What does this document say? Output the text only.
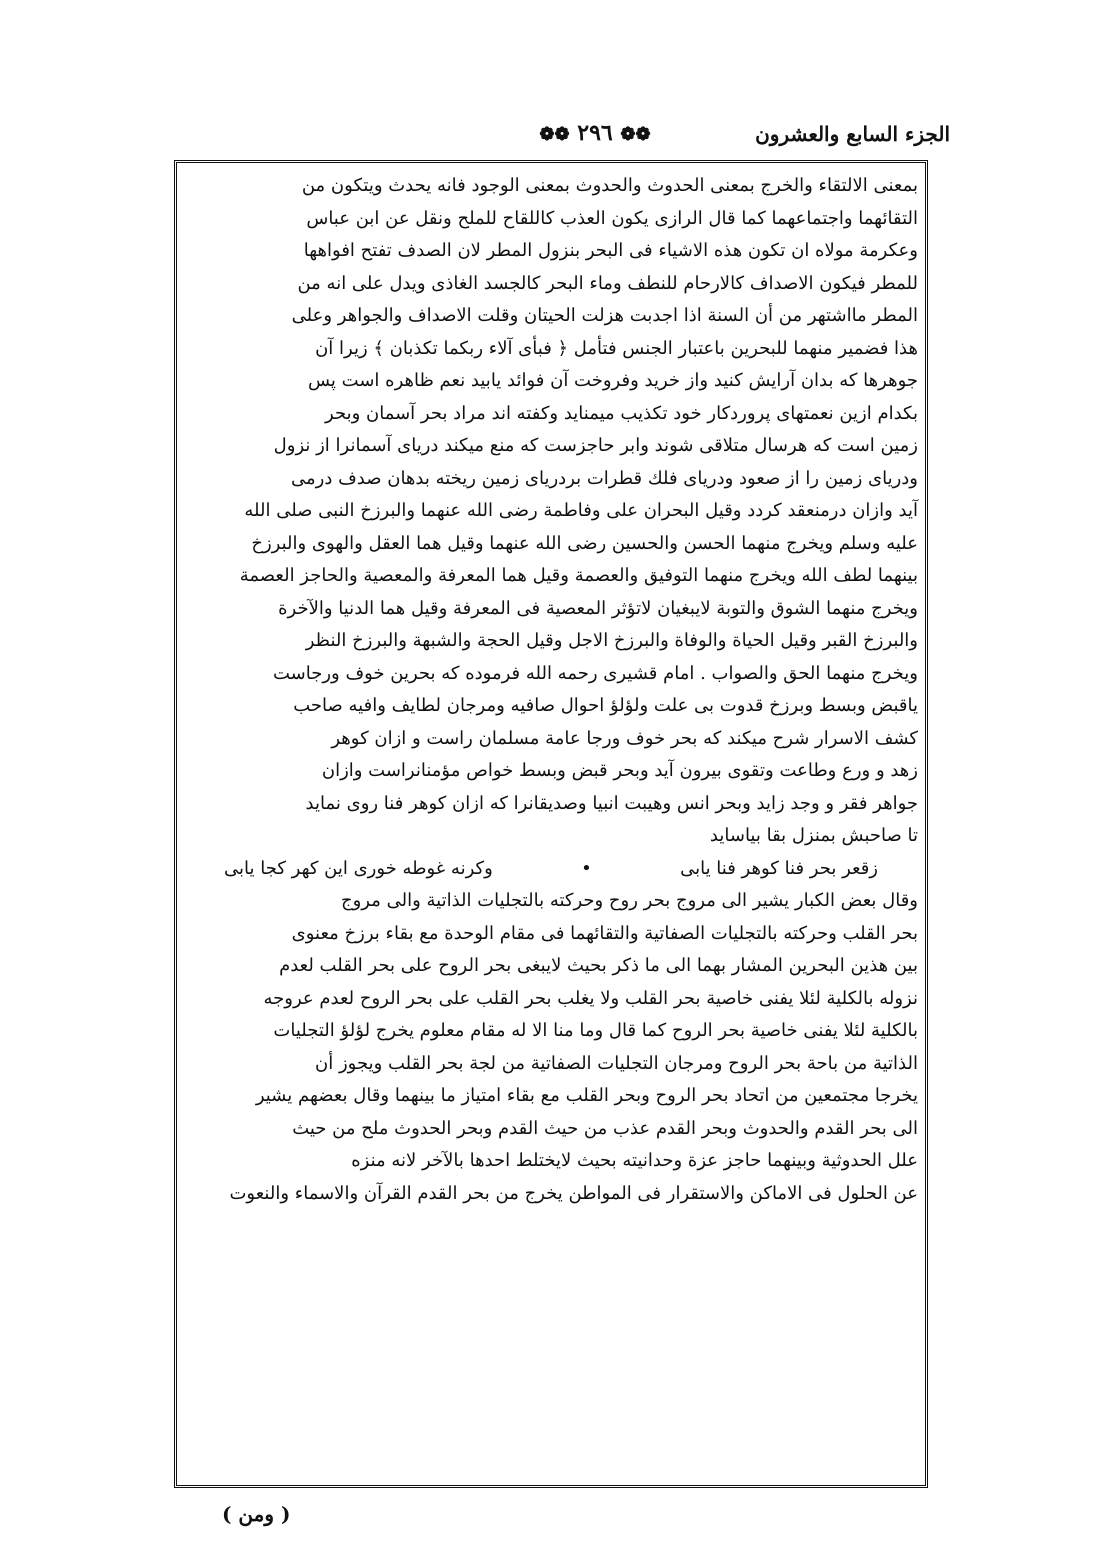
الجزء السابع والعشرون
❁❁ ٢٩٦ ❁❁

بمعنى الالتقاء والخرج بمعنى الحدوث والحدوث بمعنى الوجود فانه يحدث ويتكون من

التقائهما واجتماعهما كما قال الرازى يكون العذب كاللقاح للملح ونقل عن ابن عباس

وعكرمة مولاه ان تكون هذه الاشياء فى البحر بنزول المطر لان الصدف تفتح افواهها

للمطر فيكون الاصداف كالارحام للنطف وماء البحر كالجسد الغاذى ويدل على انه من

المطر مااشتهر من أن السنة اذا اجدبت هزلت الحيتان وقلت الاصداف والجواهر وعلى

هذا فضمير منهما للبحرين باعتبار الجنس فتأمل ﴿ فبأى آلاء ربكما تكذبان ﴾ زيرا آن

جوهرها كه بدان آرايش كنيد واز خريد وفروخت آن فوائد يابيد نعم ظاهره است پس

بكدام ازين نعمتهاى پروردكار خود تكذيب ميمنايد وكفته اند مراد بحر آسمان وبحر

زمين است كه هرسال متلاقى شوند وابر حاجزست كه منع ميكند درياى آسمانرا از نزول

ودرياى زمين را از صعود ودرياى فلك قطرات بردرياى زمين ريخته بدهان صدف درمى

آيد وازان درمنعقد كردد وقيل البحران على وفاطمة رضى الله عنهما والبرزخ النبى صلى الله

عليه وسلم ويخرج منهما الحسن والحسين رضى الله عنهما وقيل هما العقل والهوى والبرزخ

بينهما لطف الله ويخرج منهما التوفيق والعصمة وقيل هما المعرفة والمعصية والحاجز العصمة

ويخرج منهما الشوق والتوبة لايبغيان لاتؤثر المعصية فى المعرفة وقيل هما الدنيا والآخرة

والبرزخ القبر وقيل الحياة والوفاة والبرزخ الاجل وقيل الحجة والشبهة والبرزخ النظر

ويخرج منهما الحق والصواب . امام قشيرى رحمه الله فرموده كه بحرين خوف ورجاست

ياقبض وبسط وبرزخ قدوت بى علت ولؤلؤ احوال صافيه ومرجان لطايف وافيه صاحب

كشف الاسرار شرح ميكند كه بحر خوف ورجا عامة مسلمان راست و ازان كوهر

زهد و ورع وطاعت وتقوى بيرون آيد وبحر قبض وبسط خواص مؤمنانراست وازان

جواهر فقر و وجد زايد وبحر انس وهيبت انبيا وصديقانرا كه ازان كوهر فنا روى نمايد

تا صاحبش بمنزل بقا بياسايد

زقعر بحر فنا كوهر فنا يابى
•
وكرنه غوطه خورى اين كهر كجا يابى

وقال بعض الكبار يشير الى مروج بحر روح وحركته بالتجليات الذاتية والى مروج

بحر القلب وحركته بالتجليات الصفاتية والتقائهما فى مقام الوحدة مع بقاء برزخ معنوى

بين هذين البحرين المشار بهما الى ما ذكر بحيث لايبغى بحر الروح على بحر القلب لعدم

نزوله بالكلية لئلا يفنى خاصية بحر القلب ولا يغلب بحر القلب على بحر الروح لعدم عروجه

بالكلية لئلا يفنى خاصية بحر الروح كما قال وما منا الا له مقام معلوم يخرج لؤلؤ التجليات

الذاتية من باحة بحر الروح ومرجان التجليات الصفاتية من لجة بحر القلب ويجوز أن

يخرجا مجتمعين من اتحاد بحر الروح وبحر القلب مع بقاء امتياز ما بينهما وقال بعضهم يشير

الى بحر القدم والحدوث وبحر القدم عذب من حيث القدم وبحر الحدوث ملح من حيث

علل الحدوثية وبينهما حاجز عزة وحدانيته بحيث لايختلط احدها بالآخر لانه منزه

عن الحلول فى الاماكن والاستقرار فى المواطن يخرج من بحر القدم القرآن والاسماء والنعوت

( ومن )
